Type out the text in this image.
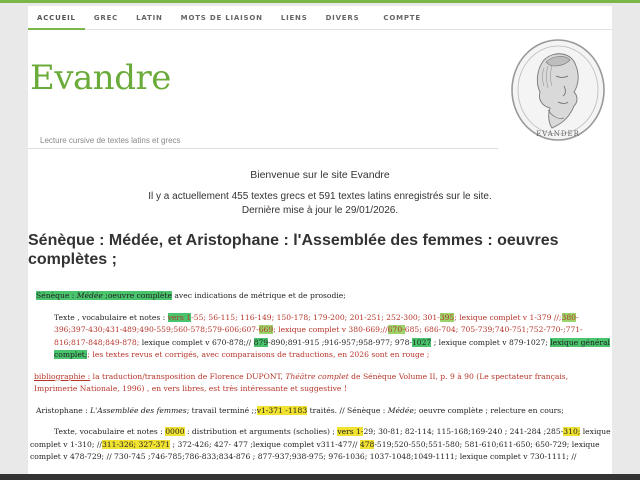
ACCUEIL	GREC	LATIN	MOTS DE LIAISON	LIENS	DIVERS	COMPTE
Evandre
EVANDER
Lecture cursive de textes latins et grecs
Bienvenue sur le site Evandre
Il y a actuellement 455 textes grecs et 591 textes latins enregistrés sur le site.
Dernière mise à jour le 29/01/2026.
Sénèque : Médée, et Aristophane : l'Assemblée des femmes : oeuvres complètes ;
Sénèque : Médée ;oeuvre complète avec indications de métrique et de prosodie;
Texte , vocabulaire et notes : vers 1-55; 56-115; 116-149; 150-178; 179-200; 201-251; 252-300; 301-395; lexique complet v 1-379 //;380-396;397-430;431-489;490-559;560-578;579-606;607-669; lexique complet v 380-669;//670-685; 686-704; 705-739;740-751;752-770-;771-816;817-848;849-878; lexique complet v 670-878;// 879-890;891-915 ;916-957;958-977; 978-1027 ; lexique complet v 879-1027; lexique général complet;; les textes revus et corrigés, avec comparaisons de traductions, en 2026 sont en rouge ;
bibliographie : la traduction/transposition de Florence DUPONT, Théâtre complet de Sénèque Volume II, p. 9 à 90 (Le spectateur français, Imprimerie Nationale, 1996) , en vers libres, est très intéressante et suggestive !
Aristophane : L'Assemblée des femmes; travail terminé ;;v1-371 -1183 traités. // Sénèque : Médée; oeuvre complète ; relecture en cours;
Texte, vocabulaire et notes : 0000 : distribution et arguments (scholies) ; vers 1-29; 30-81; 82-114; 115-168;169-240 ; 241-284 ;285-310; lexique complet v 1-310; //311-326; 327-371 ; 372-426; 427- 477 ;lexique complet v311-477// 478-519;520-550;551-580; 581-610;611-650; 650-729; lexique complet v 478-729; // 730-745 ;746-785;786-833;834-876 ; 877-937;938-975; 976-1036; 1037-1048;1049-1111; lexique complet v 730-1111; //
